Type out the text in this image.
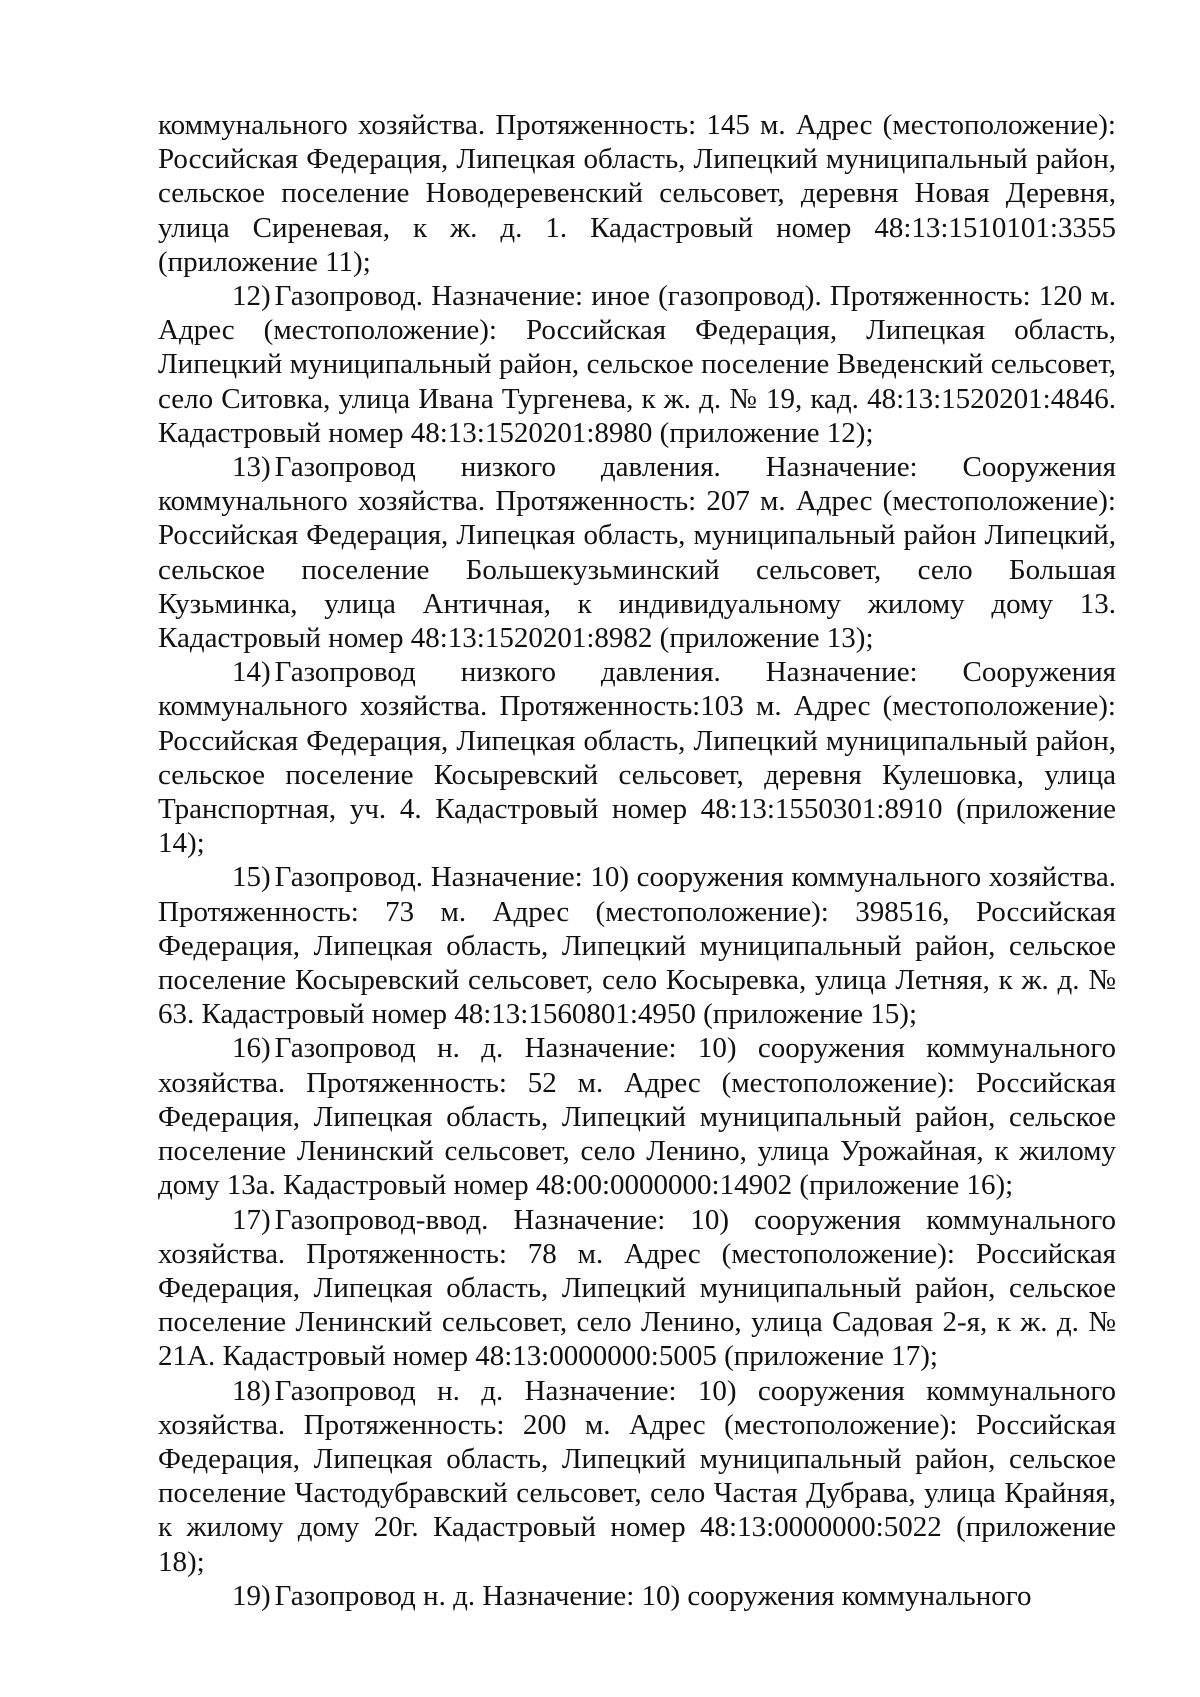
коммунального хозяйства. Протяженность: 145 м. Адрес (местоположение): Российская Федерация, Липецкая область, Липецкий муниципальный район, сельское поселение Новодеревенский сельсовет, деревня Новая Деревня, улица Сиреневая, к ж. д. 1. Кадастровый номер 48:13:1510101:3355 (приложение 11);

12) Газопровод. Назначение: иное (газопровод). Протяженность: 120 м. Адрес (местоположение): Российская Федерация, Липецкая область, Липецкий муниципальный район, сельское поселение Введенский сельсовет, село Ситовка, улица Ивана Тургенева, к ж. д. № 19, кад. 48:13:1520201:4846. Кадастровый номер 48:13:1520201:8980 (приложение 12);

13) Газопровод низкого давления. Назначение: Сооружения коммунального хозяйства. Протяженность: 207 м. Адрес (местоположение): Российская Федерация, Липецкая область, муниципальный район Липецкий, сельское поселение Большекузьминский сельсовет, село Большая Кузьминка, улица Античная, к индивидуальному жилому дому 13. Кадастровый номер 48:13:1520201:8982 (приложение 13);

14) Газопровод низкого давления. Назначение: Сооружения коммунального хозяйства. Протяженность:103 м. Адрес (местоположение): Российская Федерация, Липецкая область, Липецкий муниципальный район, сельское поселение Косыревский сельсовет, деревня Кулешовка, улица Транспортная, уч. 4. Кадастровый номер 48:13:1550301:8910 (приложение 14);

15) Газопровод. Назначение: 10) сооружения коммунального хозяйства. Протяженность: 73 м. Адрес (местоположение): 398516, Российская Федерация, Липецкая область, Липецкий муниципальный район, сельское поселение Косыревский сельсовет, село Косыревка, улица Летняя, к ж. д. № 63. Кадастровый номер 48:13:1560801:4950 (приложение 15);

16) Газопровод н. д. Назначение: 10) сооружения коммунального хозяйства. Протяженность: 52 м. Адрес (местоположение): Российская Федерация, Липецкая область, Липецкий муниципальный район, сельское поселение Ленинский сельсовет, село Ленино, улица Урожайная, к жилому дому 13а. Кадастровый номер 48:00:0000000:14902 (приложение 16);

17) Газопровод-ввод. Назначение: 10) сооружения коммунального хозяйства. Протяженность: 78 м. Адрес (местоположение): Российская Федерация, Липецкая область, Липецкий муниципальный район, сельское поселение Ленинский сельсовет, село Ленино, улица Садовая 2-я, к ж. д. № 21А. Кадастровый номер 48:13:0000000:5005 (приложение 17);

18) Газопровод н. д. Назначение: 10) сооружения коммунального хозяйства. Протяженность: 200 м. Адрес (местоположение): Российская Федерация, Липецкая область, Липецкий муниципальный район, сельское поселение Частодубравский сельсовет, село Частая Дубрава, улица Крайняя, к жилому дому 20г. Кадастровый номер 48:13:0000000:5022 (приложение 18);

19) Газопровод н. д. Назначение: 10) сооружения коммунального
